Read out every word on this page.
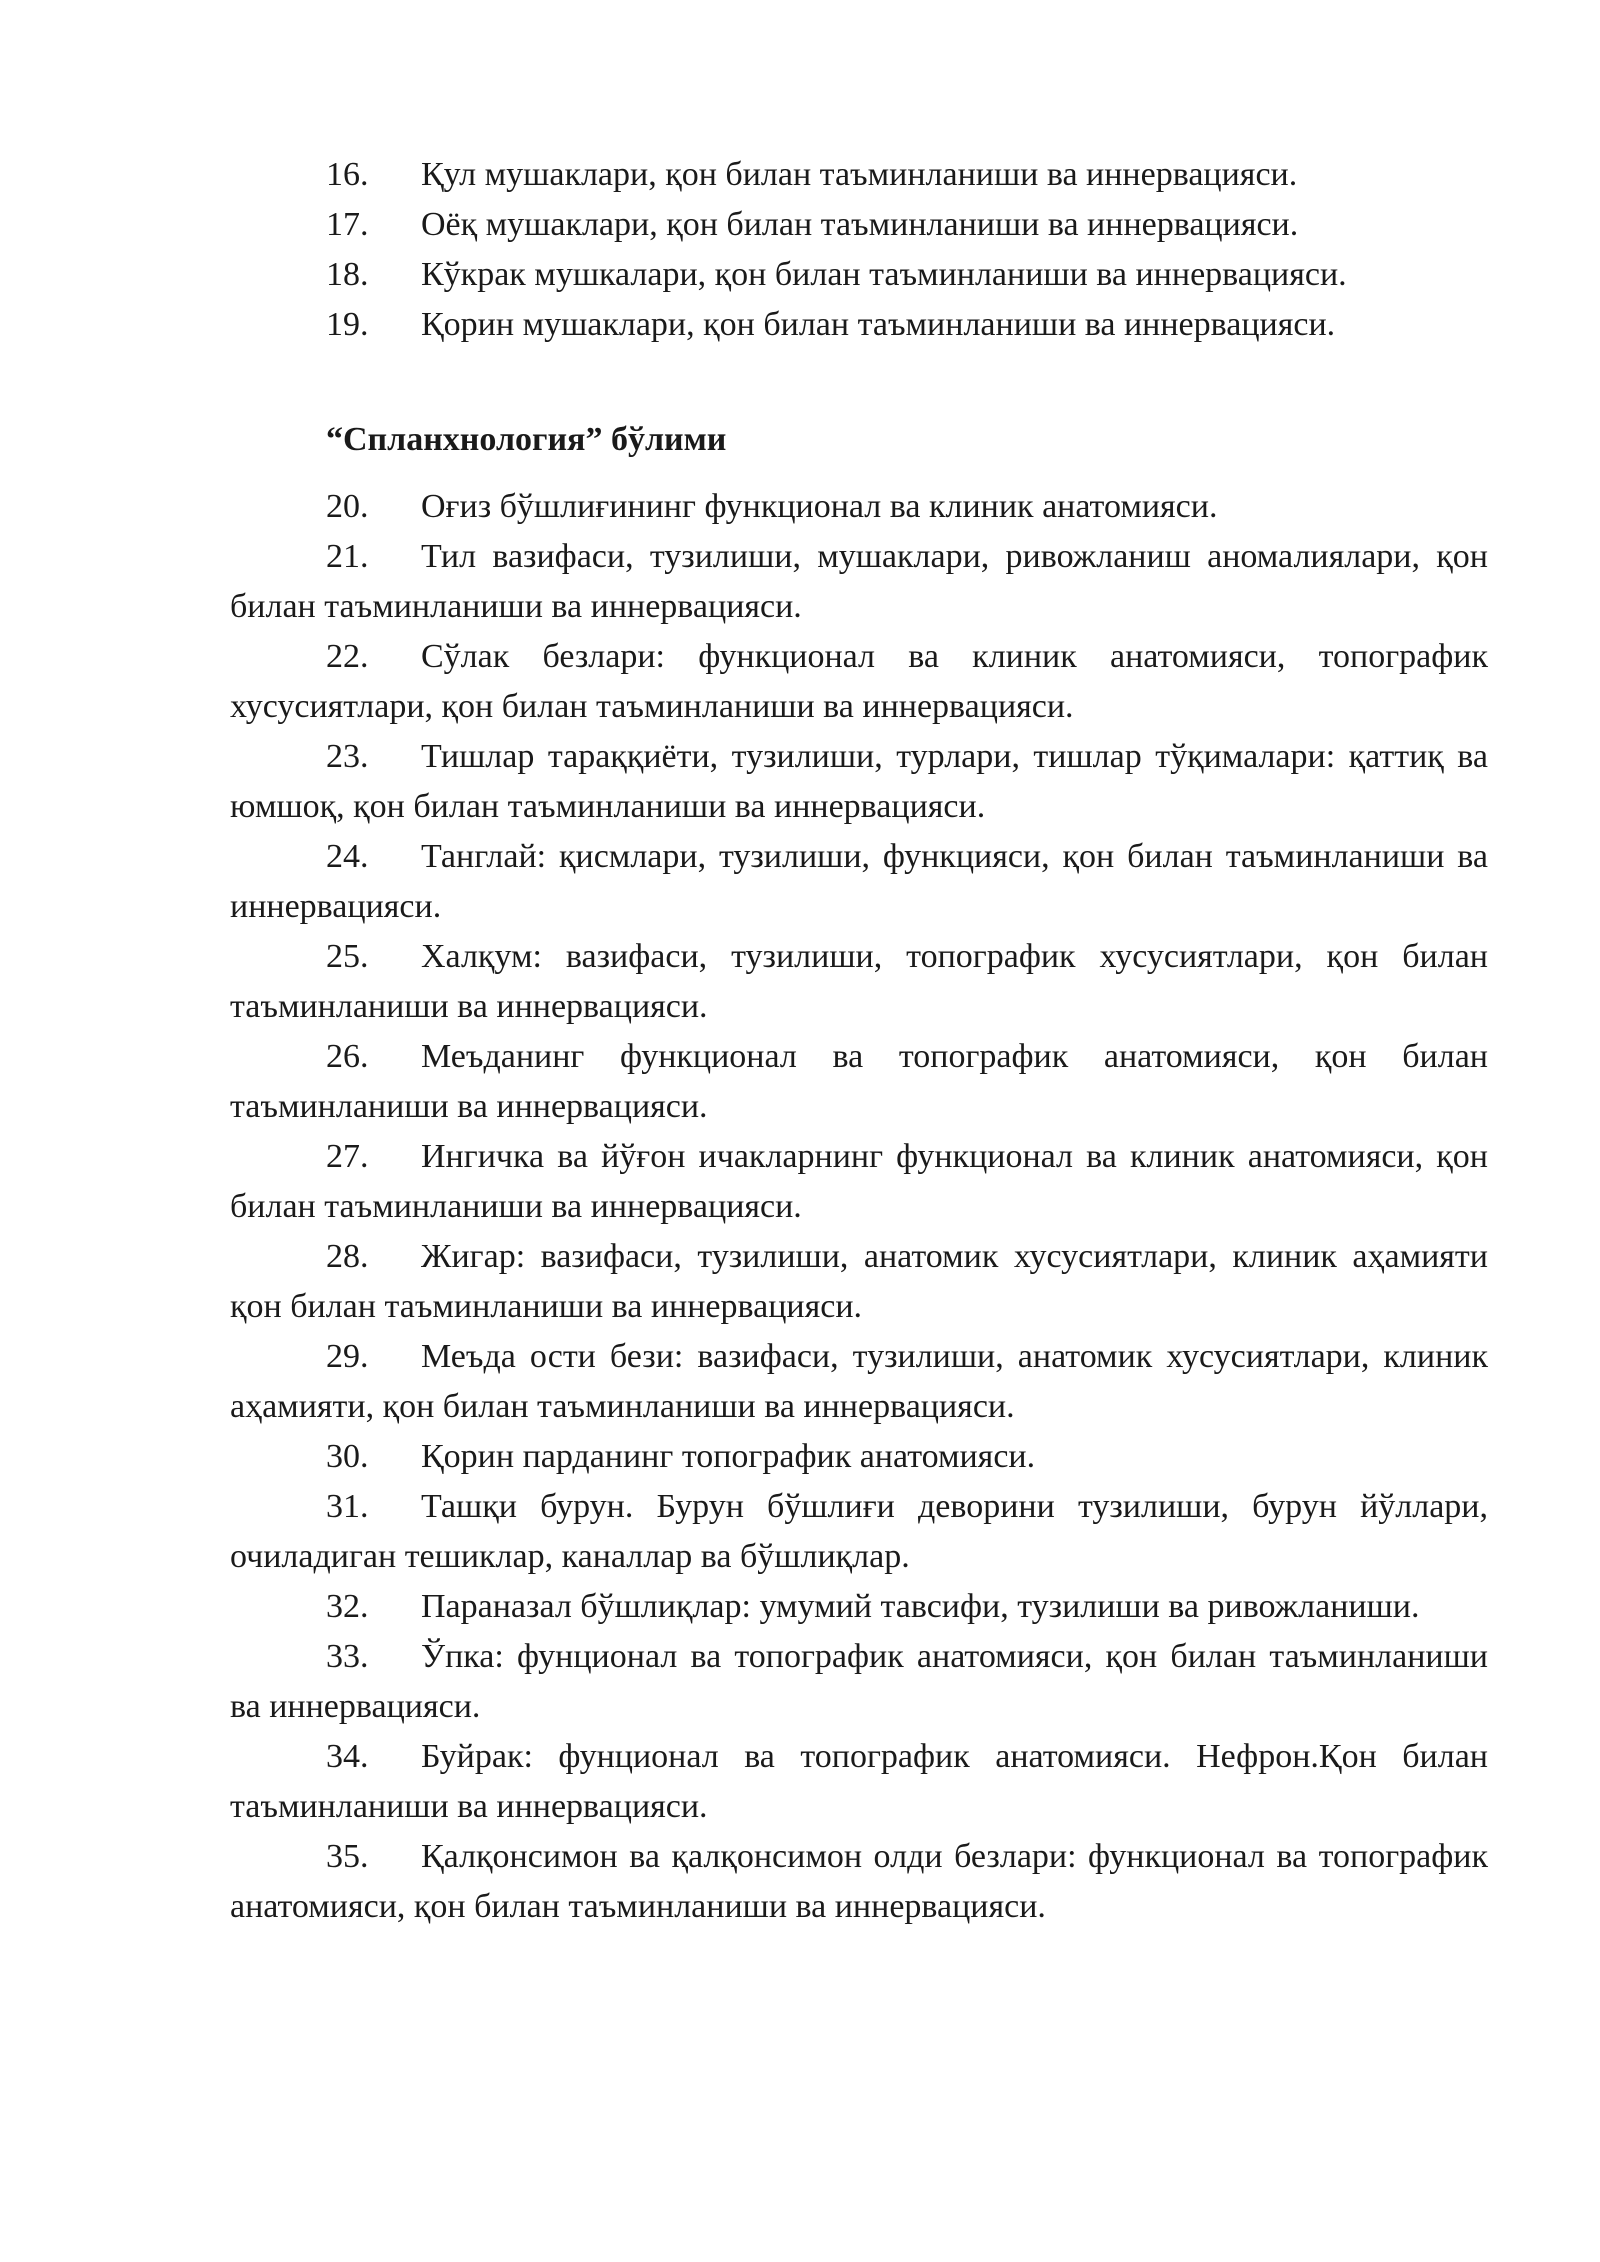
16. Қул мушаклари, қон билан таъминланиши ва иннервацияси.

17. Оёқ мушаклари, қон билан таъминланиши ва иннервацияси.

18. Кўкрак мушкалари, қон билан таъминланиши ва иннервацияси.

19. Қорин мушаклари, қон билан таъминланиши ва иннервацияси.

“Спланхнология” бўлими

20. Оғиз бўшлиғининг функционал ва клиник анатомияси.

21. Тил вазифаси, тузилиши, мушаклари, ривожланиш аномалиялари, қон билан таъминланиши ва иннервацияси.

22. Сўлак безлари: функционал ва клиник анатомияси, топографик хусусиятлари, қон билан таъминланиши ва иннервацияси.

23. Тишлар тараққиёти, тузилиши, турлари, тишлар тўқималари: қаттиқ ва юмшоқ, қон билан таъминланиши ва иннервацияси.

24. Танглай: қисмлари, тузилиши, функцияси, қон билан таъминланиши ва иннервацияси.

25. Халқум: вазифаси, тузилиши, топографик хусусиятлари, қон билан таъминланиши ва иннервацияси.

26. Меъданинг функционал ва топографик анатомияси, қон билан таъминланиши ва иннервацияси.

27. Ингичка ва йўғон ичакларнинг функционал ва клиник анатомияси, қон билан таъминланиши ва иннервацияси.

28. Жигар: вазифаси, тузилиши, анатомик хусусиятлари, клиник аҳамияти қон билан таъминланиши ва иннервацияси.

29. Меъда ости бези: вазифаси, тузилиши, анатомик хусусиятлари, клиник аҳамияти, қон билан таъминланиши ва иннервацияси.

30. Қорин парданинг топографик анатомияси.

31. Ташқи бурун. Бурун бўшлиғи деворини тузилиши, бурун йўллари, очиладиган тешиклар, каналлар ва бўшлиқлар.

32. Параназал бўшлиқлар: умумий тавсифи, тузилиши ва ривожланиши.

33. Ўпка: фунционал ва топографик анатомияси, қон билан таъминланиши ва иннервацияси.

34. Буйрак: фунционал ва топографик анатомияси. Нефрон.Қон билан таъминланиши ва иннервацияси.

35. Қалқонсимон ва қалқонсимон олди безлари: функционал ва топографик анатомияси, қон билан таъминланиши ва иннервацияси.
